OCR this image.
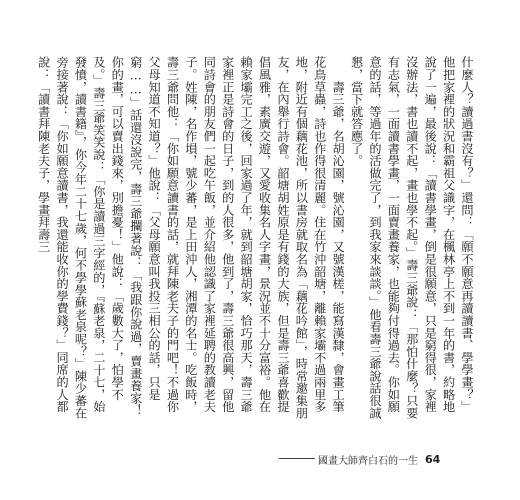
什麼人？讀過書沒有？」還問：「願不願意再讀讀書、學學畫？」他把家裡的狀況和霸祖父識字，在楓林亭上不到一年的書，約略地說了一遍，最後說：「讀書學畫，倒是很願意，只是窮得很，家裡沒辦法，書也讀不起，畫也學不起。」壽三爺說：「那怕什麼？只要有志氣，一面讀書學畫，一面賣畫養家，也能夠付得過去。你如願意的話，等過年的活做完了，到我家來談談。」他看壽三爺說話很誠懇，當下就答應了。

　　壽三爺，名胡沁園，號沁園，又號漢槎，能寫漢隸，會畫工筆花鳥草蟲，詩也作得很清麗。住在竹沖韶塘，離賴家壩不過兩里多地，附近有個藕花池，所以書房就取名為「藕花吟館」，時常邀集朋友，在內舉行詩會。韶塘胡姓原是有錢的大族，但是壽三爺喜歡提倡風雅，素廣交遊，又愛收集名人字畫，景況並不十分富裕。他在賴家壩完工之後，回家過了年，就到韶塘胡家，恰巧那天，壽三爺家裡正是詩會的日子，到的人很多，他到了，壽三爺很高興，留他同詩會的朋友們一起吃午飯，並介紹他認識了家裡延聘的教讀老夫子。姓陳，名作塤，號少蕃，是上田沖人，湘潭的名士。吃飯時，壽三爺問他：「你如願意讀書的話，就拜陳老夫子的門吧！不過你父母知道不知道？」他說：「父母願意叫我投三相公的話，只是窮……」話還沒說完，壽三爺攔著說：「我跟你說過，賣畫養家！你的畫，可以賣出錢來，別擔憂！」他說：「歲數大了，怕學不及。」壽三爺笑笑說：「你是讀過三字經的，『蘇老泉，二十七，始發憤，讀書籍』，你今年二十七歲，何不學學蘇老泉呢？」陳少蕃在旁接著說：「你如願意讀書，我還能收你的學費錢？」同席的人都說：「讀書拜陳老夫子，學畫拜壽三

國畫大師齊白石的一生 64
